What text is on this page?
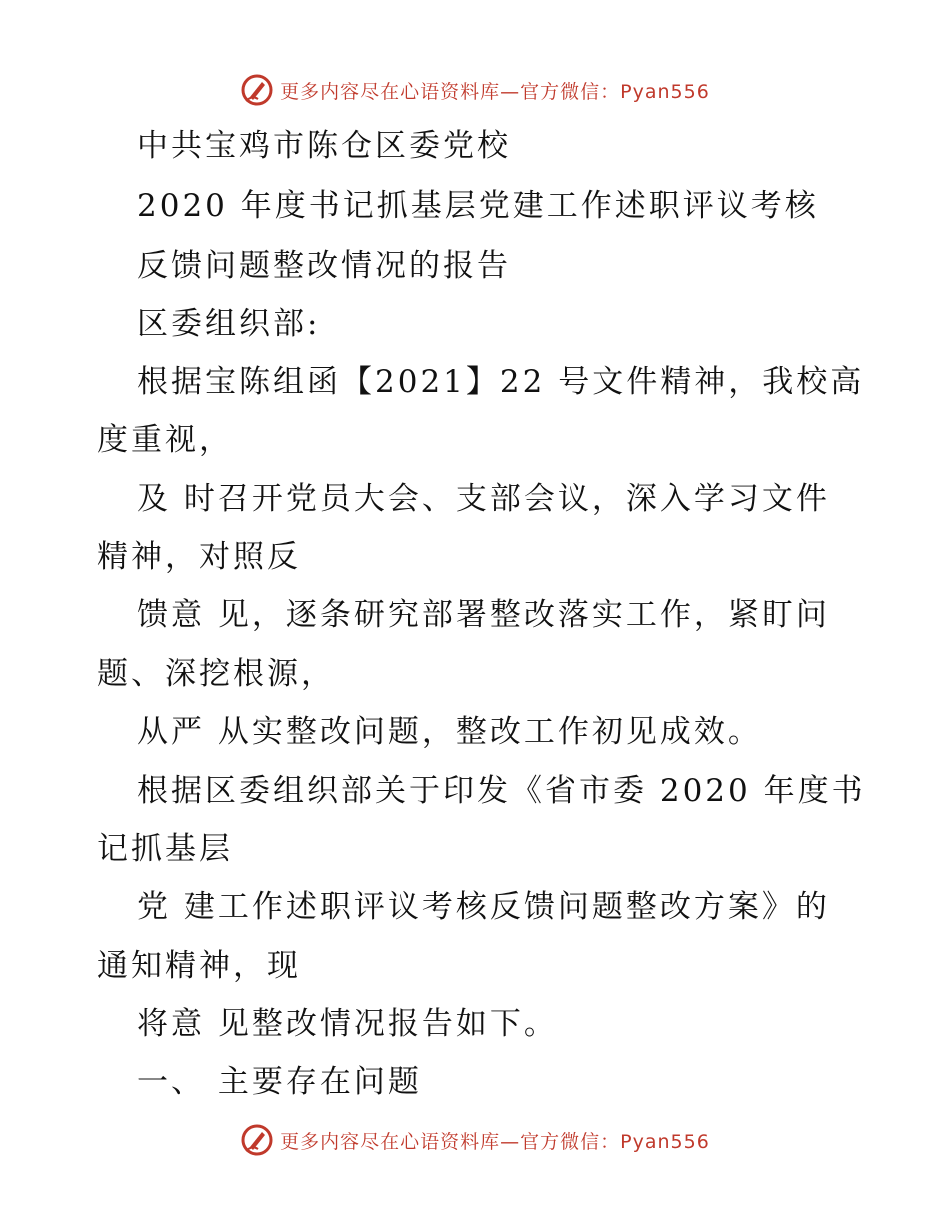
更多内容尽在心语资料库—官方微信：Pyan556
中共宝鸡市陈仓区委党校
2020 年度书记抓基层党建工作述职评议考核
反馈问题整改情况的报告
区委组织部:
根据宝陈组函【2021】22 号文件精神，我校高
度重视，
及 时召开党员大会、支部会议，深入学习文件
精神，对照反
馈意 见，逐条研究部署整改落实工作，紧盯问
题、深挖根源，
从严 从实整改问题，整改工作初见成效。
根据区委组织部关于印发《省市委 2020 年度书
记抓基层
党 建工作述职评议考核反馈问题整改方案》的
通知精神，现
将意 见整改情况报告如下。
一、 主要存在问题
更多内容尽在心语资料库—官方微信：Pyan556
